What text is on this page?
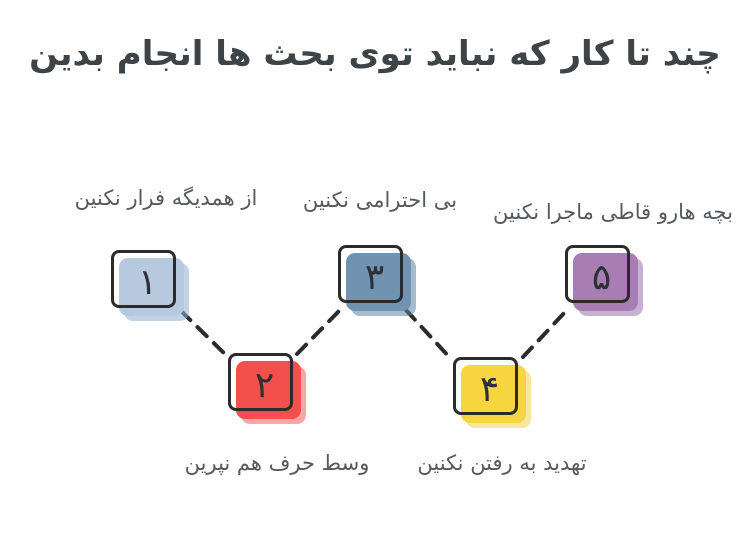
چند تا کار که نباید توی بحث ها انجام بدین
از همدیگه فرار نکنین بی احترامی نکنین بچه هارو قاطی ماجرا نکنین
وسط حرف هم نپرین تهدید به رفتن نکنین
۱
۲
۳
۴
۵
